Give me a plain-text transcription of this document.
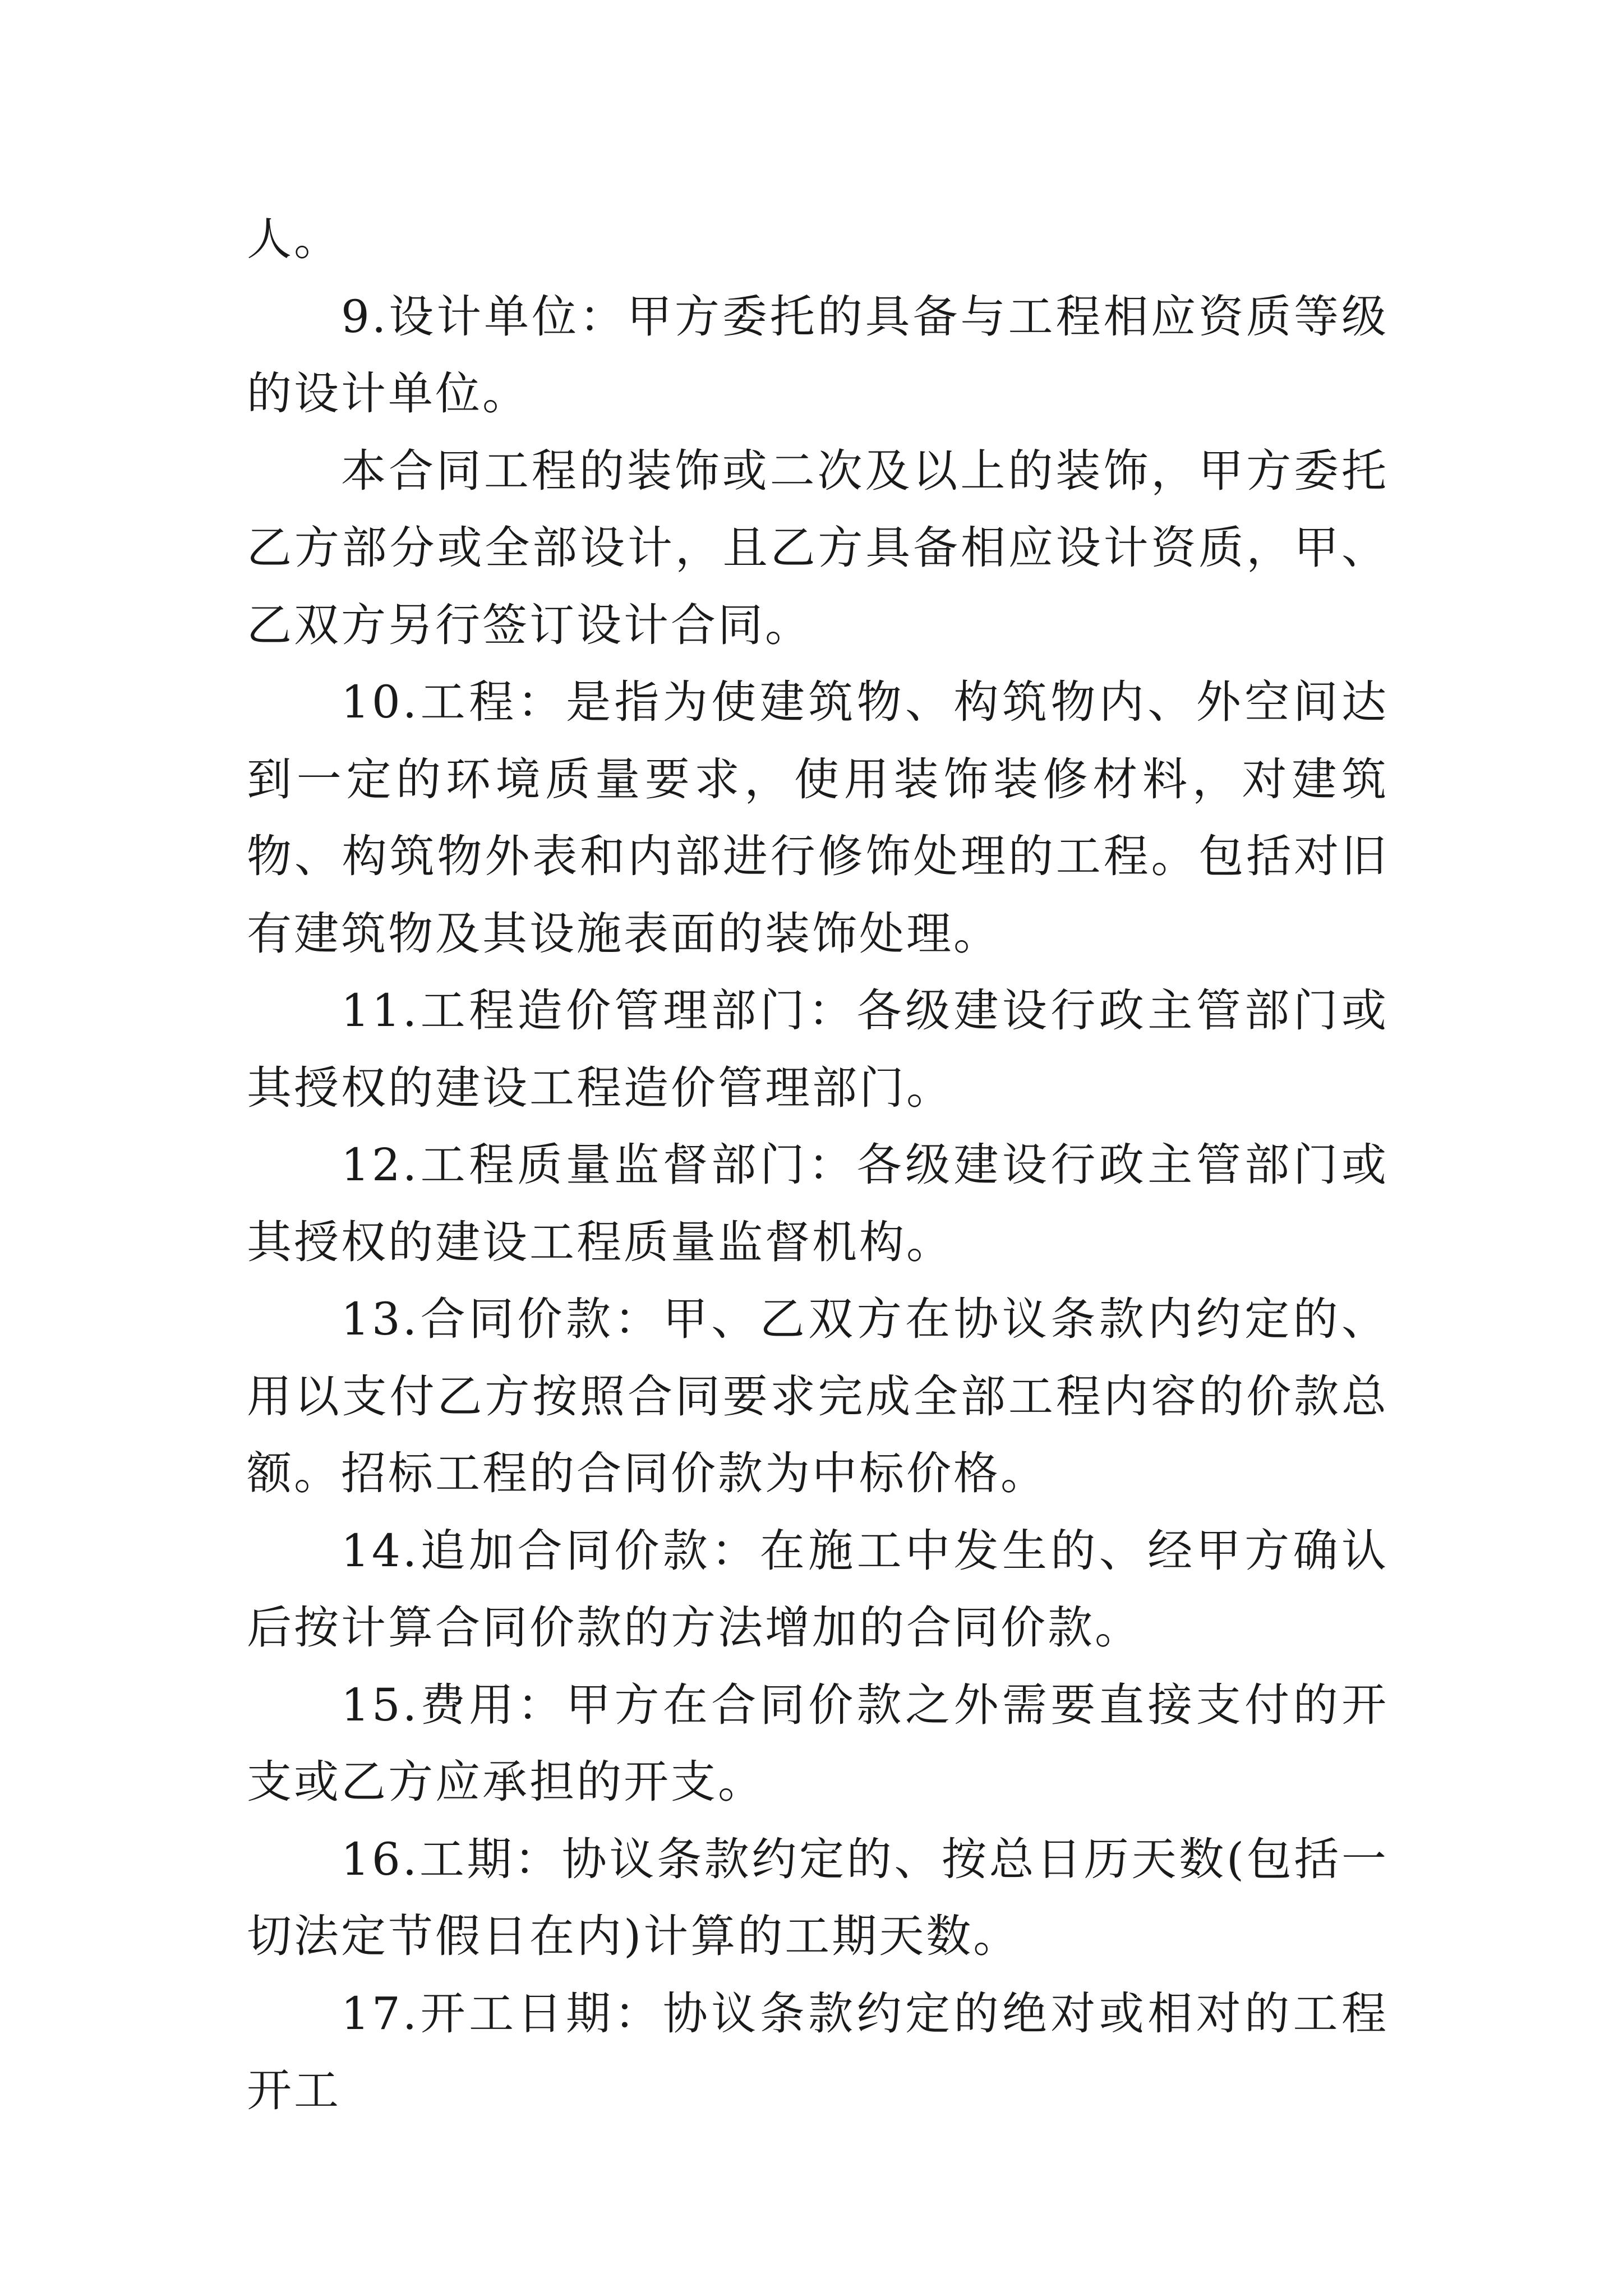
人。

9.设计单位：甲方委托的具备与工程相应资质等级的设计单位。

本合同工程的装饰或二次及以上的装饰，甲方委托乙方部分或全部设计，且乙方具备相应设计资质，甲、乙双方另行签订设计合同。

10.工程：是指为使建筑物、构筑物内、外空间达到一定的环境质量要求，使用装饰装修材料，对建筑物、构筑物外表和内部进行修饰处理的工程。包括对旧有建筑物及其设施表面的装饰处理。

11.工程造价管理部门：各级建设行政主管部门或其授权的建设工程造价管理部门。

12.工程质量监督部门：各级建设行政主管部门或其授权的建设工程质量监督机构。

13.合同价款：甲、乙双方在协议条款内约定的、用以支付乙方按照合同要求完成全部工程内容的价款总额。招标工程的合同价款为中标价格。

14.追加合同价款：在施工中发生的、经甲方确认后按计算合同价款的方法增加的合同价款。

15.费用：甲方在合同价款之外需要直接支付的开支或乙方应承担的开支。

16.工期：协议条款约定的、按总日历天数(包括一切法定节假日在内)计算的工期天数。

17.开工日期：协议条款约定的绝对或相对的工程开工
